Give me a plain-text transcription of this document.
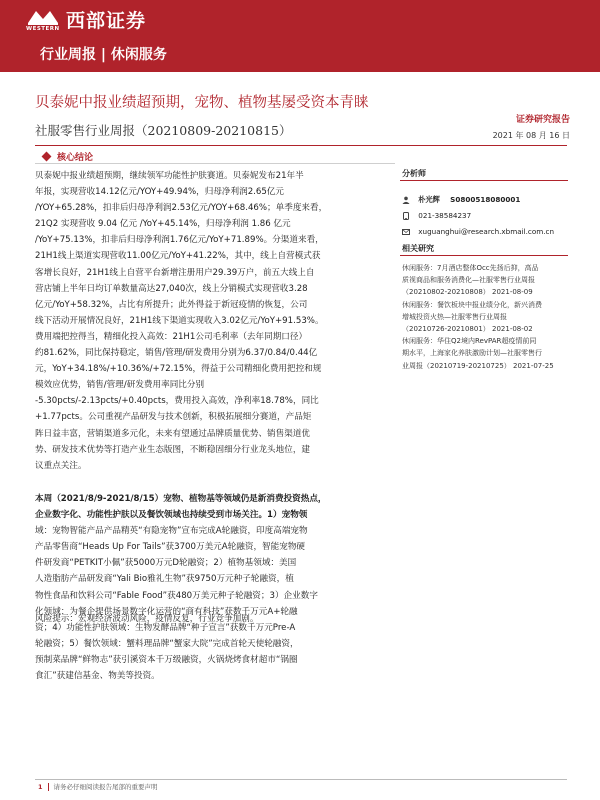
WESTERN 西部证券
行业周报 | 休闲服务
贝泰妮中报业绩超预期，宠物、植物基屡受资本青睐
证券研究报告
社服零售行业周报（20210809-20210815）	2021 年 08 月 16 日
核心结论
贝泰妮中报业绩超预期，继续领军功能性护肤赛道。贝泰妮发布21年半
年报，实现营收14.12亿元/YOY+49.94%，归母净利润2.65亿元
/YOY+65.28%，扣非后归母净利润2.53亿元/YOY+68.46%；单季度来看，
21Q2 实现营收 9.04 亿元 /YoY+45.14%，归母净利润 1.86 亿元
/YoY+75.13%，扣非后归母净利润1.76亿元/YoY+71.89%。分渠道来看，
21H1线上渠道实现营收11.00亿元/YoY+41.22%，其中，线上自营模式获
客增长良好，21H1线上自营平台新增注册用户29.39万户，前五大线上自
营店铺上半年日均订单数量高达27,040次，线上分销模式实现营收3.28
亿元/YoY+58.32%，占比有所提升；此外得益于新冠疫情的恢复，公司
线下活动开展情况良好，21H1线下渠道实现收入3.02亿元/YoY+91.53%。
费用端把控得当，精细化投入高效：21H1公司毛利率（去年同期口径）
约81.62%，同比保持稳定，销售/管理/研发费用分别为6.37/0.84/0.44亿
元，YoY+34.18%/+10.36%/+72.15%，得益于公司精细化费用把控和规
模效应优势，销售/管理/研发费用率同比分别
-5.30pcts/-2.13pcts/+0.40pcts，费用投入高效，净利率18.78%，同比
+1.77pcts。公司重视产品研发与技术创新，积极拓展细分赛道，产品矩
阵日益丰富，营销渠道多元化，未来有望通过品牌质量优势、销售渠道优
势、研发技术优势等打造产业生态版图，不断稳固细分行业龙头地位，建
议重点关注。
本周（2021/8/9-2021/8/15）宠物、植物基等领域仍是新消费投资热点，
企业数字化、功能性护肤以及餐饮领域也持续受到市场关注。1）宠物领
域：宠物智能产品产品精英“有隐宠物”宣布完成A轮融资，印度高端宠物
产品零售商“Heads Up For Tails”获3700万美元A轮融资，智能宠物硬
件研发商“PETKIT小佩”获5000万元D轮融资；2）植物基领域：美国
人造脂肪产品研发商“Yali Bio雅礼生物”获9750万元种子轮融资，植
物性食品和饮料公司“Fable Food”获480万美元种子轮融资；3）企业数字
化领域：为餐企提供场景数字化运营的“商有科技”获数千万元A+轮融
资；4）功能性护肤领域：生物发酵品牌“种子宣言”获数千万元Pre-A
轮融资；5）餐饮领域：蟹料理品牌“蟹家大院”完成首轮天使轮融资，
预制菜品牌“鲜物志”获引溪资本千万级融资，火锅烧烤食材超市“锅圈
食汇”获建信基金、物美等投资。
风险提示：宏观经济波动风险，疫情反复，行业竞争加剧。
分析师
朴光辉 S0800518080001
021-38584237
xuguanghui@research.xbmail.com.cn
相关研究
休闲服务：7月酒店整体Occ先扬后抑，高品
质视商品和服务消费化—社服零售行业周报
（20210802-20210808） 2021-08-09
休闲服务：餐饮板块中报业绩分化，新兴消费
增城投资火热—社服零售行业周报
（20210726-20210801） 2021-08-02
休闲服务：华住Q2境内RevPAR超疫情前同
期水平，上海家化养肤激励计划—社服零售行
业周报（20210719-20210725） 2021-07-25
1 请务必仔细阅读报告尾部的重要声明
